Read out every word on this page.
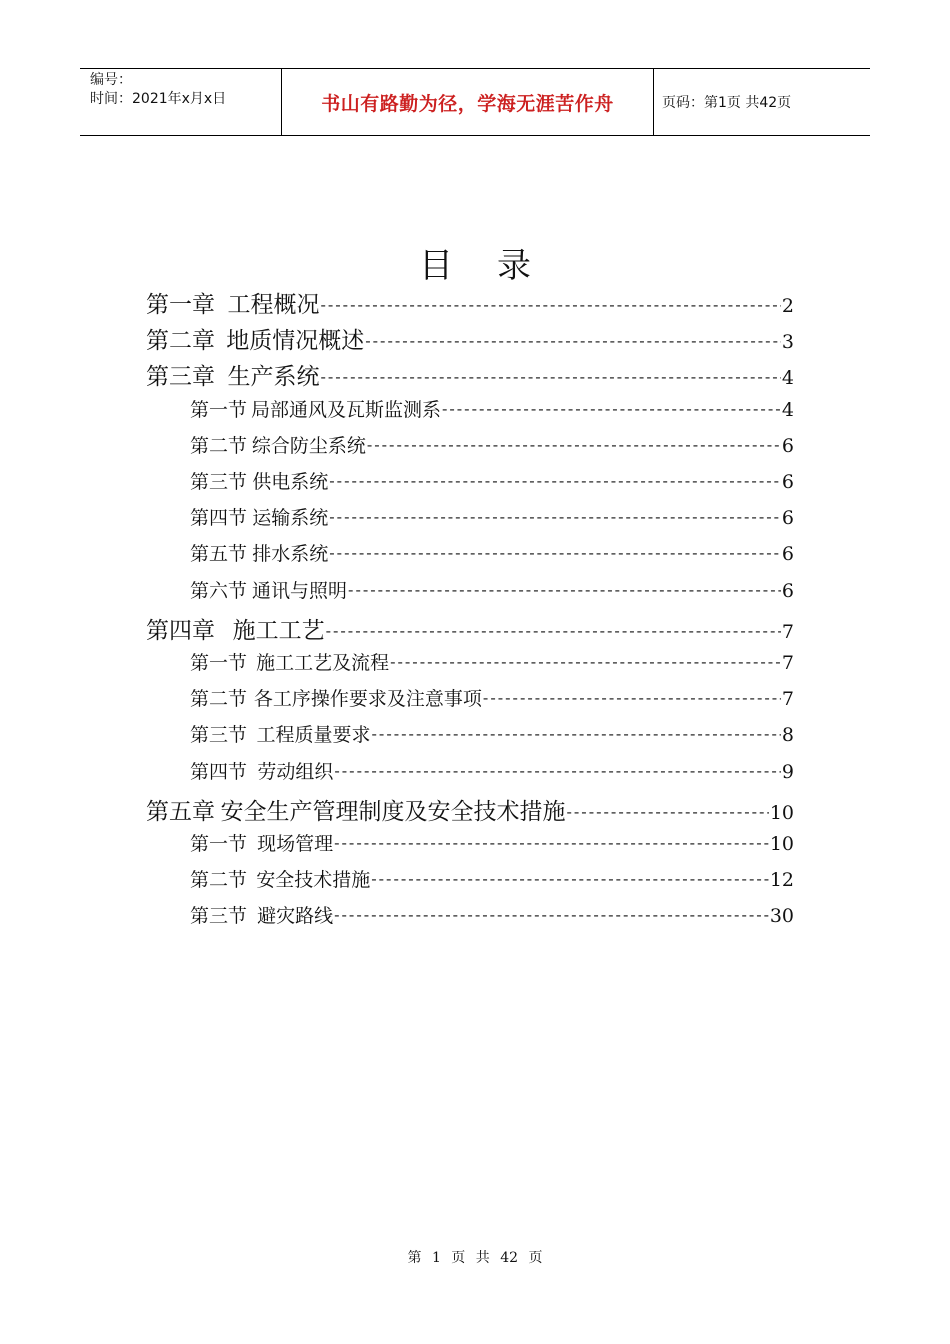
编号：
时间：2021年x月x日	书山有路勤为径，学海无涯苦作舟	页码：第1页 共42页
目录
第一章 工程概况 -----	2
第二章 地质情况概述 -----	3
第三章 生产系统 -----	4
第一节 局部通风及瓦斯监测系 -----	4
第二节 综合防尘系统 -----	6
第三节 供电系统 -----	6
第四节 运输系统 -----	6
第五节 排水系统 -----	6
第六节 通讯与照明 -----	6
第四章 施工工艺 -----	7
第一节 施工工艺及流程 -----	7
第二节 各工序操作要求及注意事项 -----	7
第三节 工程质量要求 -----	8
第四节 劳动组织 -----	9
第五章 安全生产管理制度及安全技术措施 -----	10
第一节 现场管理 -----	10
第二节 安全技术措施 -----	12
第三节 避灾路线 -----	30
第 1 页 共 42 页
